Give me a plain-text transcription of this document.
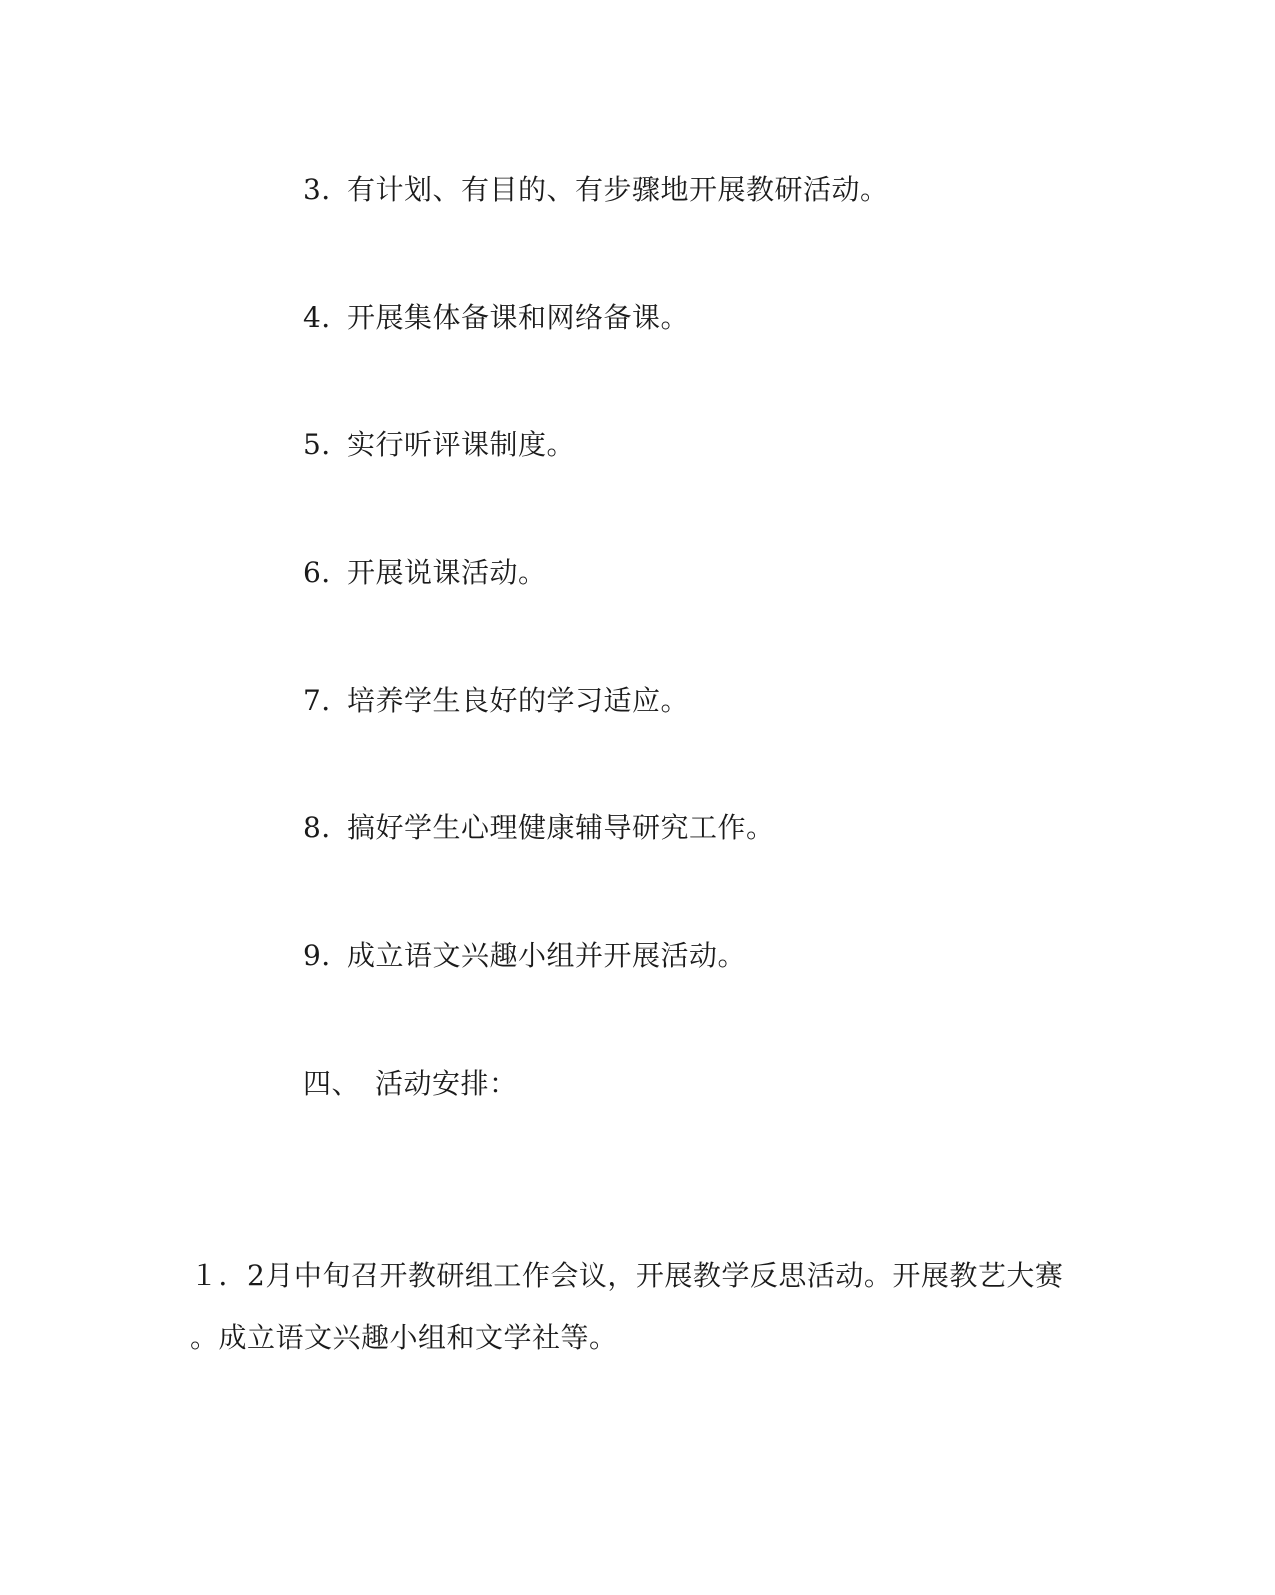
3．有计划、有目的、有步骤地开展教研活动。
4．开展集体备课和网络备课。
5．实行听评课制度。
6．开展说课活动。
7．培养学生良好的学习适应。
8．搞好学生心理健康辅导研究工作。
9．成立语文兴趣小组并开展活动。
四、 活动安排：
１．2月中旬召开教研组工作会议，开展教学反思活动。开展教艺大赛
。成立语文兴趣小组和文学社等。
